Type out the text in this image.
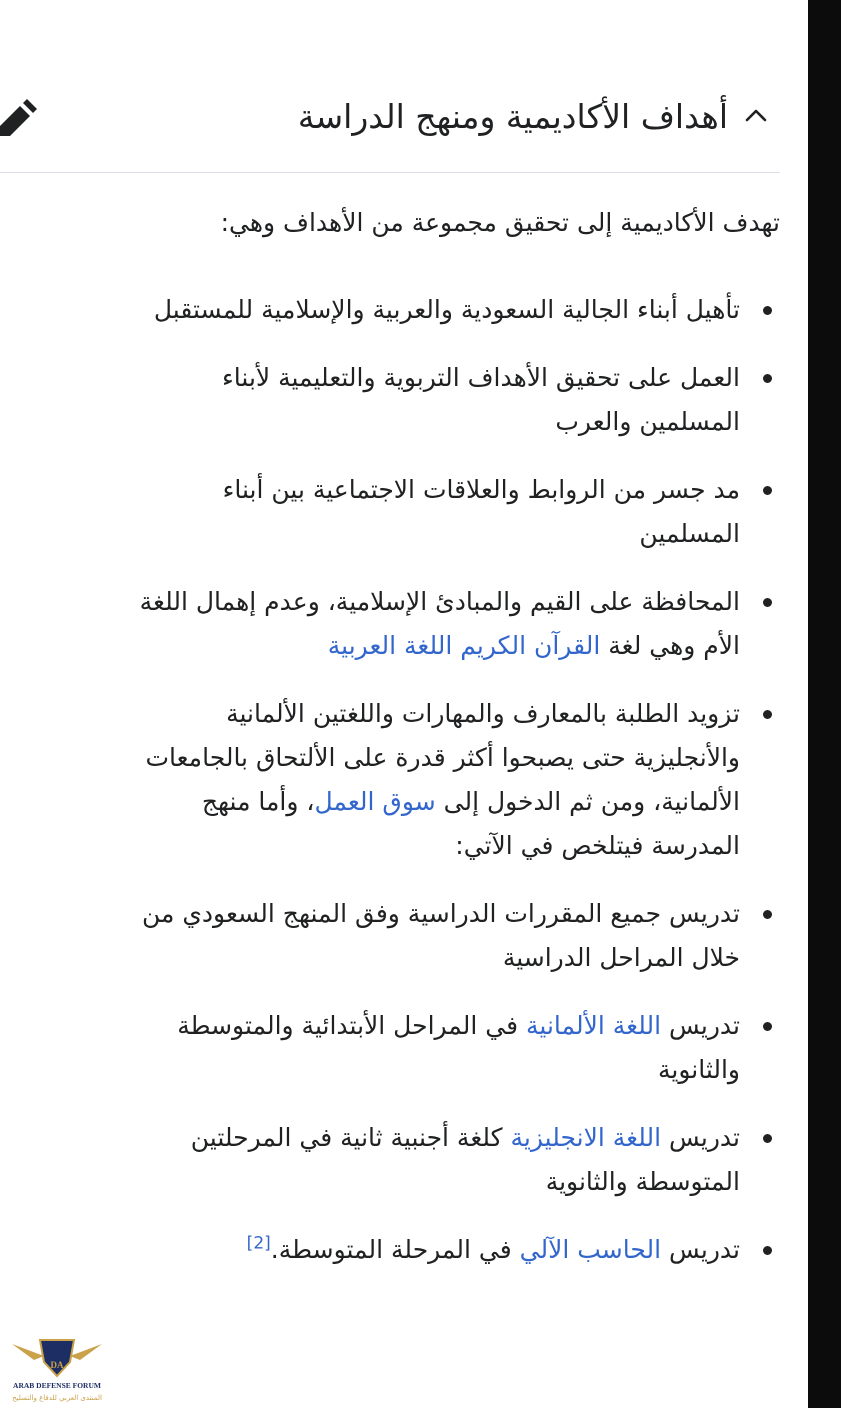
أهداف الأكاديمية ومنهج الدراسة

تهدف الأكاديمية إلى تحقيق مجموعة من الأهداف وهي:

تأهيل أبناء الجالية السعودية والعربية والإسلامية للمستقبل
العمل على تحقيق الأهداف التربوية والتعليمية لأبناء
المسلمين والعرب
مد جسر من الروابط والعلاقات الاجتماعية بين أبناء
المسلمين
المحافظة على القيم والمبادئ الإسلامية، وعدم إهمال اللغة
الأم وهي لغة القرآن الكريم اللغة العربية
تزويد الطلبة بالمعارف والمهارات واللغتين الألمانية
والأنجليزية حتى يصبحوا أكثر قدرة على الألتحاق بالجامعات
الألمانية، ومن ثم الدخول إلى سوق العمل، وأما منهج
المدرسة فيتلخص في الآتي:
تدريس جميع المقررات الدراسية وفق المنهج السعودي من
خلال المراحل الدراسية
تدريس اللغة الألمانية في المراحل الأبتدائية والمتوسطة
والثانوية
تدريس اللغة الانجليزية كلغة أجنبية ثانية في المرحلتين
المتوسطة والثانوية
تدريس الحاسب الآلي في المرحلة المتوسطة.[2]
DA
ARAB DEFENSE FORUM
المنتدى العربي للدفاع والتسليح
